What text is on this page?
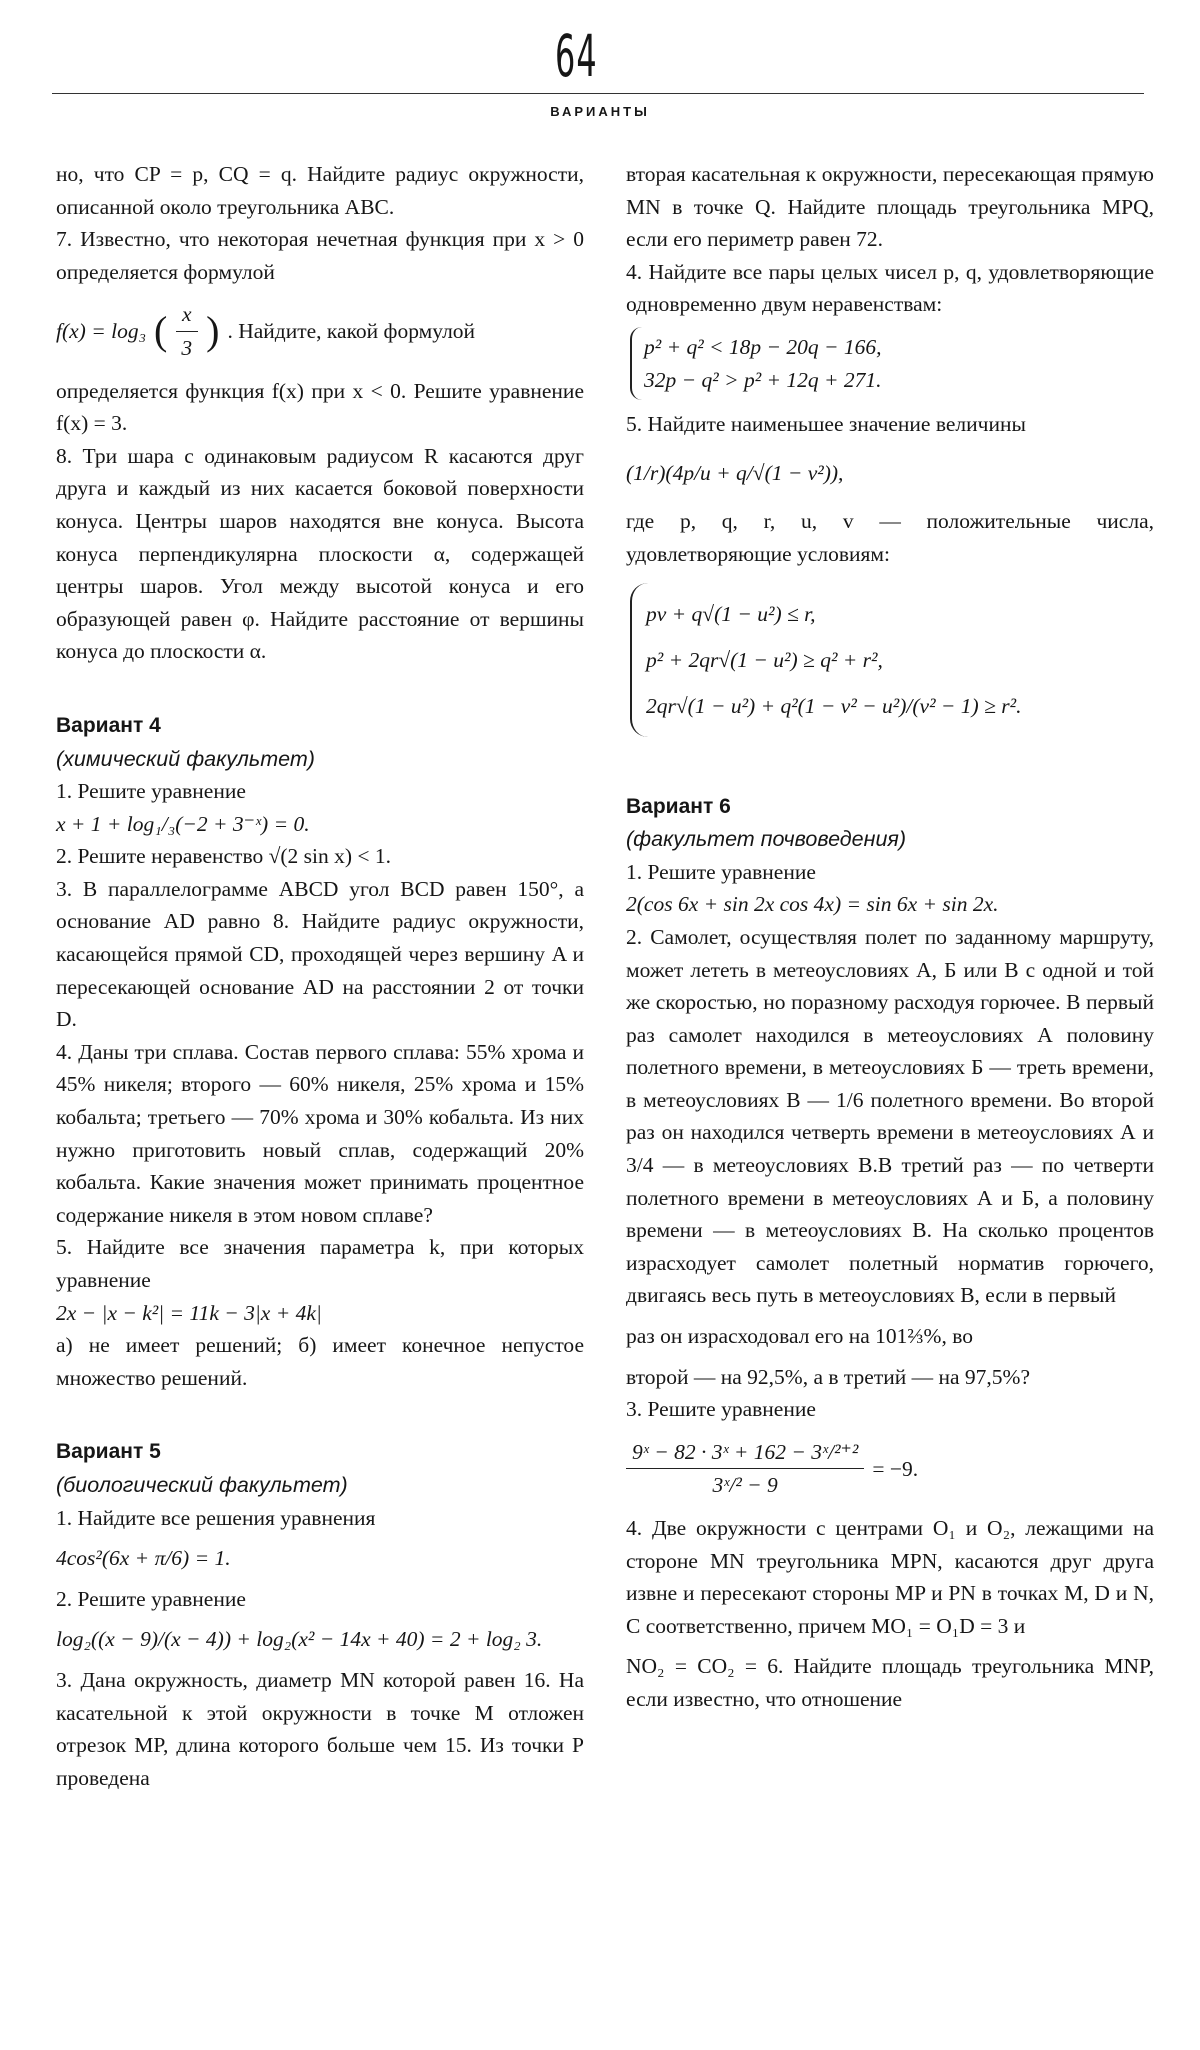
64
ВАРИАНТЫ

но, что CP = p, CQ = q. Найдите радиус окружности, описанной около треугольника ABC.

7. Известно, что некоторая нечетная функция при x > 0 определяется формулой

f(x) = log₃ ( $\frac{x}{3}$ ) . Найдите, какой формулой

определяется функция f(x) при x < 0. Решите уравнение f(x) = 3.

8. Три шара с одинаковым радиусом R касаются друг друга и каждый из них касается боковой поверхности конуса. Центры шаров находятся вне конуса. Высота конуса перпендикулярна плоскости α, содержащей центры шаров. Угол между высотой конуса и его образующей равен φ. Найдите расстояние от вершины конуса до плоскости α.

Вариант 4

(химический факультет)

1. Решите уравнение

x + 1 + log₁/₃(−2 + 3⁻ˣ) = 0.

2. Решите неравенство √(2 sin x) < 1.

3. В параллелограмме ABCD угол BCD равен 150°, а основание AD равно 8. Найдите радиус окружности, касающейся прямой CD, проходящей через вершину A и пересекающей основание AD на расстоянии 2 от точки D.

4. Даны три сплава. Состав первого сплава: 55% хрома и 45% никеля; второго — 60% никеля, 25% хрома и 15% кобальта; третьего — 70% хрома и 30% кобальта. Из них нужно приготовить новый сплав, содержащий 20% кобальта. Какие значения может принимать процентное содержание никеля в этом новом сплаве?

5. Найдите все значения параметра k, при которых уравнение

2x − |x − k²| = 11k − 3|x + 4k|

а) не имеет решений; б) имеет конечное непустое множество решений.

Вариант 5

(биологический факультет)

1. Найдите все решения уравнения

4cos²(6x + π/6) = 1.

2. Решите уравнение

log₂((x − 9)/(x − 4)) + log₂(x² − 14x + 40) = 2 + log₂ 3.

3. Дана окружность, диаметр MN которой равен 16. На касательной к этой окружности в точке M отложен отрезок MP, длина которого больше чем 15. Из точки P проведена

вторая касательная к окружности, пересекающая прямую MN в точке Q. Найдите площадь треугольника MPQ, если его периметр равен 72.

4. Найдите все пары целых чисел p, q, удовлетворяющие одновременно двум неравенствам:

p² + q² < 18p − 20q − 166,
32p − q² > p² + 12q + 271.

5. Найдите наименьшее значение величины

(1/r)(4p/u + q/√(1 − v²)),

где p, q, r, u, v — положительные числа, удовлетворяющие условиям:

pv + q√(1 − u²) ≤ r,
p² + 2qr√(1 − u²) ≥ q² + r²,
2qr√(1 − u²) + q²(1 − v² − u²)/(v² − 1) ≥ r².

Вариант 6

(факультет почвоведения)

1. Решите уравнение

2(cos 6x + sin 2x cos 4x) = sin 6x + sin 2x.

2. Самолет, осуществляя полет по заданному маршруту, может лететь в метеоусловиях А, Б или В с одной и той же скоростью, но поразному расходуя горючее. В первый раз самолет находился в метеоусловиях А половину полетного времени, в метеоусловиях Б — треть времени, в метеоусловиях В — 1/6 полетного времени. Во второй раз он находился четверть времени в метеоусловиях А и 3/4 — в метеоусловиях В.В третий раз — по четверти полетного времени в метеоусловиях А и Б, а половину времени — в метеоусловиях В. На сколько процентов израсходует самолет полетный норматив горючего, двигаясь весь путь в метеоусловиях В, если в первый

раз он израсходовал его на 101⅔%, во

второй — на 92,5%, а в третий — на 97,5%?

3. Решите уравнение

$\frac{\text{9ˣ − 82 · 3ˣ + 162 − 3ˣ/²⁺²}}{\text{3ˣ/² − 9}} = -9$.

4. Две окружности с центрами O₁ и O₂, лежащими на стороне MN треугольника MPN, касаются друг друга извне и пересекают стороны MP и PN в точках M, D и N, C соответственно, причем MO₁ = O₁D = 3 и

NO₂ = CO₂ = 6. Найдите площадь треугольника MNP, если известно, что отношение
